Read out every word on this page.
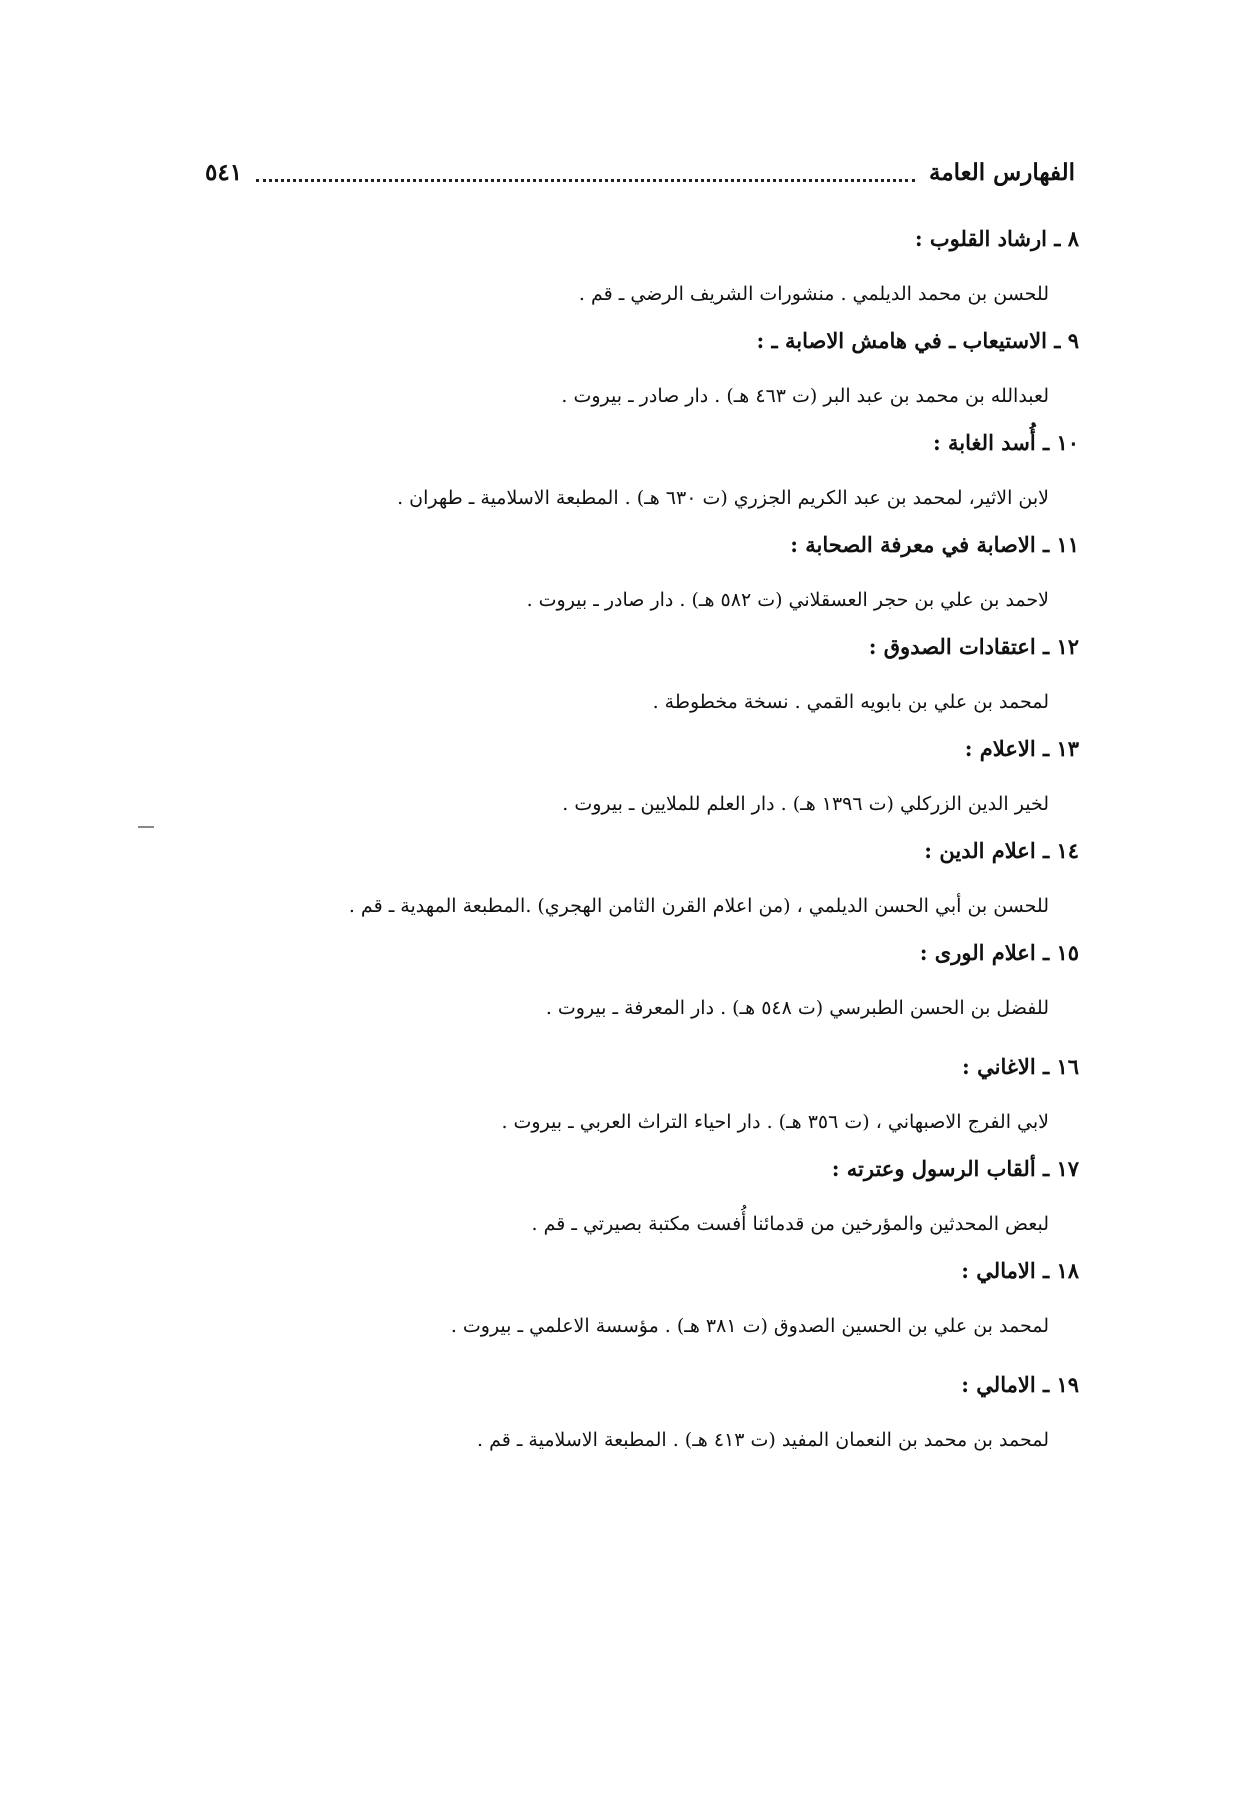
الفهارس العامة
٥٤١
٨ ـ ارشاد القلوب :
للحسن بن محمد الديلمي . منشورات الشريف الرضي ـ قم .
٩ ـ الاستيعاب ـ في هامش الاصابة ـ :
لعبدالله بن محمد بن عبد البر (ت ٤٦٣ هـ) . دار صادر ـ بيروت .
١٠ ـ أُسد الغابة :
لابن الاثير، لمحمد بن عبد الكريم الجزري (ت ٦٣٠ هـ) . المطبعة الاسلامية ـ طهران .
١١ ـ الاصابة في معرفة الصحابة :
لاحمد بن علي بن حجر العسقلاني (ت ٥٨٢ هـ) . دار صادر ـ بيروت .
١٢ ـ اعتقادات الصدوق :
لمحمد بن علي بن بابويه القمي . نسخة مخطوطة .
١٣ ـ الاعلام :
لخير الدين الزركلي (ت ١٣٩٦ هـ) . دار العلم للملايين ـ بيروت .
١٤ ـ اعلام الدين :
للحسن بن أبي الحسن الديلمي ، (من اعلام القرن الثامن الهجري) .المطبعة المهدية ـ قم .
١٥ ـ اعلام الورى :
للفضل بن الحسن الطبرسي (ت ٥٤٨ هـ) . دار المعرفة ـ بيروت .
١٦ ـ الاغاني :
لابي الفرج الاصبهاني ، (ت ٣٥٦ هـ) . دار احياء التراث العربي ـ بيروت .
١٧ ـ ألقاب الرسول وعترته :
لبعض المحدثين والمؤرخين من قدمائنا أُفست مكتبة بصيرتي ـ قم .
١٨ ـ الامالي :
لمحمد بن علي بن الحسين الصدوق (ت ٣٨١ هـ) . مؤسسة الاعلمي ـ بيروت .
١٩ ـ الامالي :
لمحمد بن محمد بن النعمان المفيد (ت ٤١٣ هـ) . المطبعة الاسلامية ـ قم .
